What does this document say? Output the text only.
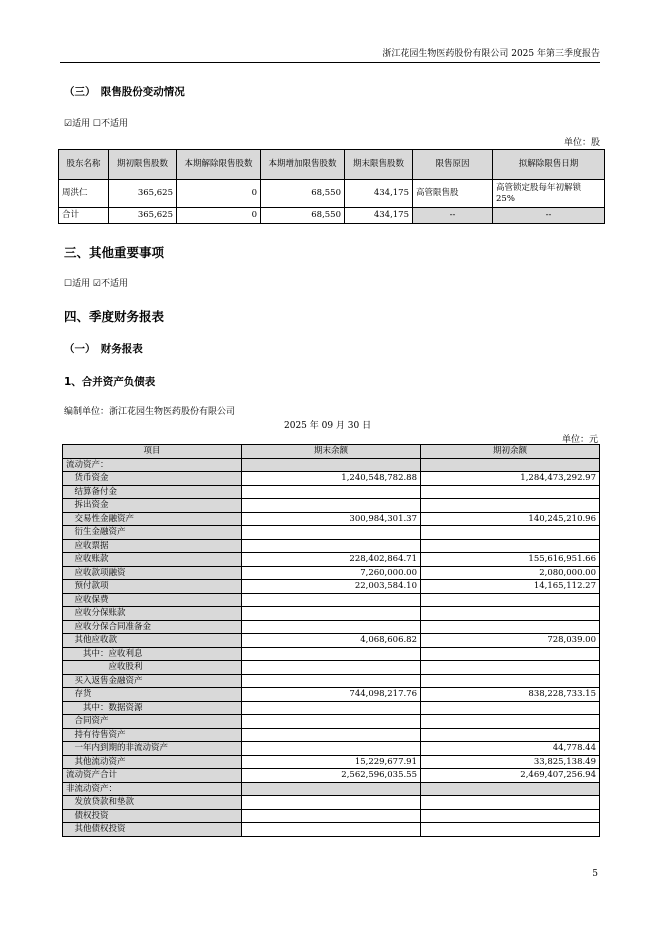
浙江花园生物医药股份有限公司 2025 年第三季度报告
（三）　限售股份变动情况
☑适用 ☐不适用
单位：股
股东名称	期初限售股数	本期解除限售股数	本期增加限售股数	期末限售股数	限售原因	拟解除限售日期
周洪仁	365,625	0	68,550	434,175	高管限售股	高管锁定股每年初解锁 25%
合计	365,625	0	68,550	434,175	--	--
三、其他重要事项
☐适用 ☑不适用
四、季度财务报表
（一）　财务报表
1、合并资产负债表
编制单位：浙江花园生物医药股份有限公司
2025 年 09 月 30 日
单位：元
项目	期末余额	期初余额
流动资产：		
　货币资金	1,240,548,782.88	1,284,473,292.97
　结算备付金		
　拆出资金		
　交易性金融资产	300,984,301.37	140,245,210.96
　衍生金融资产		
　应收票据		
　应收账款	228,402,864.71	155,616,951.66
　应收款项融资	7,260,000.00	2,080,000.00
　预付款项	22,003,584.10	14,165,112.27
　应收保费		
　应收分保账款		
　应收分保合同准备金		
　其他应收款	4,068,606.82	728,039.00
　　其中：应收利息		
　　　　　应收股利		
　买入返售金融资产		
　存货	744,098,217.76	838,228,733.15
　　其中：数据资源		
　合同资产		
　持有待售资产		
　一年内到期的非流动资产		44,778.44
　其他流动资产	15,229,677.91	33,825,138.49
流动资产合计	2,562,596,035.55	2,469,407,256.94
非流动资产：		
　发放贷款和垫款		
　债权投资		
　其他债权投资		
5
